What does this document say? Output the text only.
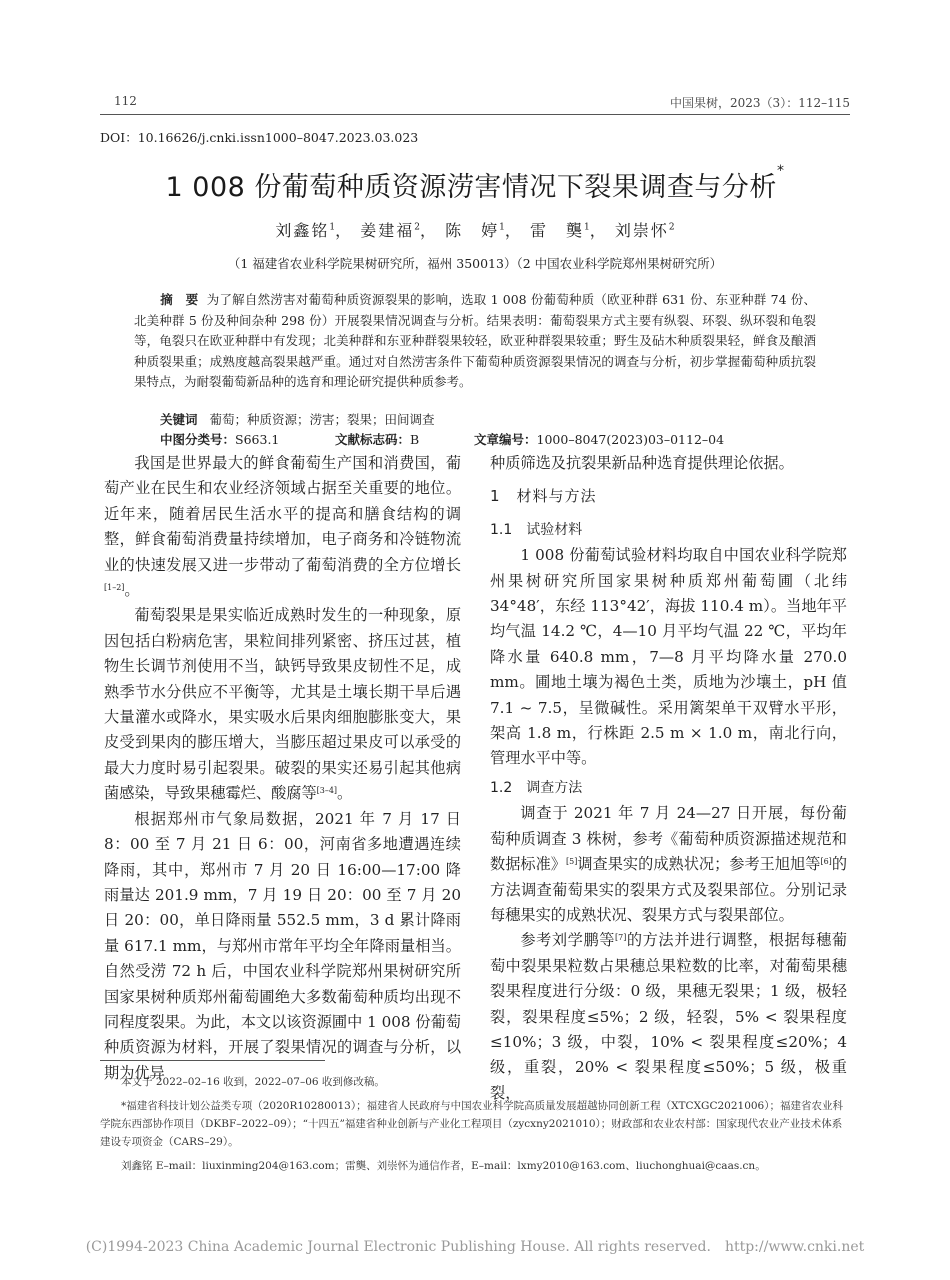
112	中国果树，2023（3）：112–115
DOI：10.16626/j.cnki.issn1000–8047.2023.03.023
1 008 份葡萄种质资源涝害情况下裂果调查与分析*
刘鑫铭$^1$， 姜建福$^2$， 陈　婷$^1$， 雷　龑$^1$， 刘崇怀$^2$
（1 福建省农业科学院果树研究所，福州 350013）（2 中国农业科学院郑州果树研究所）
摘　要 为了解自然涝害对葡萄种质资源裂果的影响，选取 1 008 份葡萄种质（欧亚种群 631 份、东亚种群 74 份、北美种群 5 份及种间杂种 298 份）开展裂果情况调查与分析。结果表明：葡萄裂果方式主要有纵裂、环裂、纵环裂和龟裂等，龟裂只在欧亚种群中有发现；北美种群和东亚种群裂果较轻，欧亚种群裂果较重；野生及砧木种质裂果轻，鲜食及酿酒种质裂果重；成熟度越高裂果越严重。通过对自然涝害条件下葡萄种质资源裂果情况的调查与分析，初步掌握葡萄种质抗裂果特点，为耐裂葡萄新品种的选育和理论研究提供种质参考。
关键词 葡萄；种质资源；涝害；裂果；田间调查
中图分类号：S663.1	文献标志码：B	文章编号：1000–8047(2023)03–0112–04

我国是世界最大的鲜食葡萄生产国和消费国，葡萄产业在民生和农业经济领域占据至关重要的地位。近年来，随着居民生活水平的提高和膳食结构的调整，鲜食葡萄消费量持续增加，电子商务和冷链物流业的快速发展又进一步带动了葡萄消费的全方位增长[1–2]。

葡萄裂果是果实临近成熟时发生的一种现象，原因包括白粉病危害，果粒间排列紧密、挤压过甚，植物生长调节剂使用不当，缺钙导致果皮韧性不足，成熟季节水分供应不平衡等，尤其是土壤长期干旱后遇大量灌水或降水，果实吸水后果肉细胞膨胀变大，果皮受到果肉的膨压增大，当膨压超过果皮可以承受的最大力度时易引起裂果。破裂的果实还易引起其他病菌感染，导致果穗霉烂、酸腐等[3–4]。

根据郑州市气象局数据，2021 年 7 月 17 日 8：00 至 7 月 21 日 6：00，河南省多地遭遇连续降雨，其中，郑州市 7 月 20 日 16:00—17:00 降雨量达 201.9 mm，7 月 19 日 20：00 至 7 月 20 日 20：00，单日降雨量 552.5 mm，3 d 累计降雨量 617.1 mm，与郑州市常年平均全年降雨量相当。自然受涝 72 h 后，中国农业科学院郑州果树研究所国家果树种质郑州葡萄圃绝大多数葡萄种质均出现不同程度裂果。为此，本文以该资源圃中 1 008 份葡萄种质资源为材料，开展了裂果情况的调查与分析，以期为优异

种质筛选及抗裂果新品种选育提供理论依据。

1　材料与方法
1.1　试验材料

1 008 份葡萄试验材料均取自中国农业科学院郑州果树研究所国家果树种质郑州葡萄圃（北纬 34°48′，东经 113°42′，海拔 110.4 m）。当地年平均气温 14.2 ℃，4—10 月平均气温 22 ℃，平均年降水量 640.8 mm，7—8 月平均降水量 270.0 mm。圃地土壤为褐色土类，质地为沙壤土，pH 值 7.1 ~ 7.5，呈微碱性。采用篱架单干双臂水平形，架高 1.8 m，行株距 2.5 m × 1.0 m，南北行向，管理水平中等。

1.2　调查方法

调查于 2021 年 7 月 24—27 日开展，每份葡萄种质调查 3 株树，参考《葡萄种质资源描述规范和数据标准》[5]调查果实的成熟状况；参考王旭旭等[6]的方法调查葡萄果实的裂果方式及裂果部位。分别记录每穗果实的成熟状况、裂果方式与裂果部位。

参考刘学鹏等[7]的方法并进行调整，根据每穗葡萄中裂果果粒数占果穗总果粒数的比率，对葡萄果穗裂果程度进行分级：0 级，果穗无裂果；1 级，极轻裂，裂果程度≤5%；2 级，轻裂，5% < 裂果程度≤10%；3 级，中裂，10% < 裂果程度≤20%；4 级，重裂，20% < 裂果程度≤50%；5 级，极重裂，

本文于 2022–02–16 收到，2022–07–06 收到修改稿。

*福建省科技计划公益类专项（2020R10280013）；福建省人民政府与中国农业科学院高质量发展超越协同创新工程（XTCXGC2021006）；福建省农业科学院东西部协作项目（DKBF–2022–09）；“十四五”福建省种业创新与产业化工程项目（zycxny2021010）；财政部和农业农村部：国家现代农业产业技术体系建设专项资金（CARS–29）。

刘鑫铭 E–mail：liuxinming204@163.com；雷龑、刘崇怀为通信作者，E–mail：lxmy2010@163.com、liuchonghuai@caas.cn。

(C)1994-2023 China Academic Journal Electronic Publishing House. All rights reserved.　http://www.cnki.net
